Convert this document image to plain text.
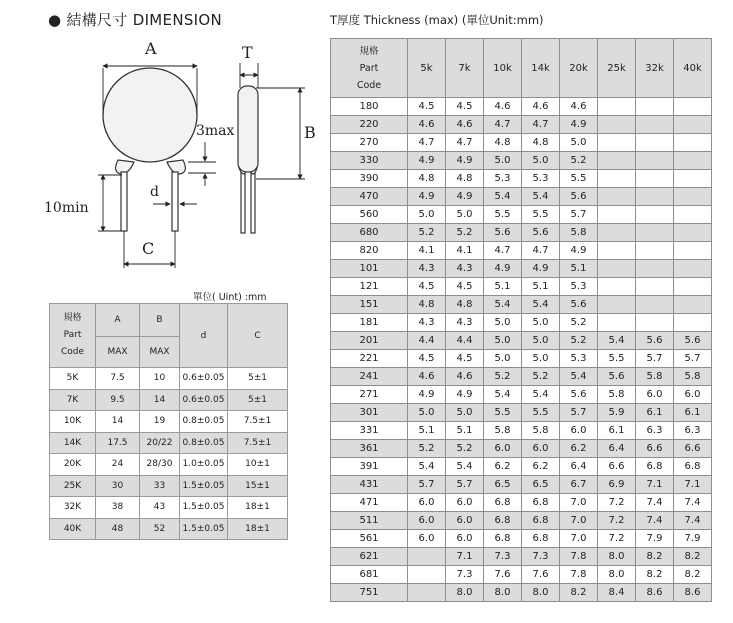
● 結構尺寸 DIMENSION	T厚度 Thickness (max) (單位Unit:mm)
A	T
B
3max
d
10min
C
單位( Uint) :mm
規格
Part
Code	A	B	d	C
	MAX	MAX		
5K	7.5	10	0.6±0.05	5±1
7K	9.5	14	0.6±0.05	5±1
10K	14	19	0.8±0.05	7.5±1
14K	17.5	20/22	0.8±0.05	7.5±1
20K	24	28/30	1.0±0.05	10±1
25K	30	33	1.5±0.05	15±1
32K	38	43	1.5±0.05	18±1
40K	48	52	1.5±0.05	18±1
規格
Part
Code	5k	7k	10k	14k	20k	25k	32k	40k
180	4.5	4.5	4.6	4.6	4.6			
220	4.6	4.6	4.7	4.7	4.9			
270	4.7	4.7	4.8	4.8	5.0			
330	4.9	4.9	5.0	5.0	5.2			
390	4.8	4.8	5.3	5.3	5.5			
470	4.9	4.9	5.4	5.4	5.6			
560	5.0	5.0	5.5	5.5	5.7			
680	5.2	5.2	5.6	5.6	5.8			
820	4.1	4.1	4.7	4.7	4.9			
101	4.3	4.3	4.9	4.9	5.1			
121	4.5	4.5	5.1	5.1	5.3			
151	4.8	4.8	5.4	5.4	5.6			
181	4.3	4.3	5.0	5.0	5.2			
201	4.4	4.4	5.0	5.0	5.2	5.4	5.6	5.6
221	4.5	4.5	5.0	5.0	5.3	5.5	5.7	5.7
241	4.6	4.6	5.2	5.2	5.4	5.6	5.8	5.8
271	4.9	4.9	5.4	5.4	5.6	5.8	6.0	6.0
301	5.0	5.0	5.5	5.5	5.7	5.9	6.1	6.1
331	5.1	5.1	5.8	5.8	6.0	6.1	6.3	6.3
361	5.2	5.2	6.0	6.0	6.2	6.4	6.6	6.6
391	5.4	5.4	6.2	6.2	6.4	6.6	6.8	6.8
431	5.7	5.7	6.5	6.5	6.7	6.9	7.1	7.1
471	6.0	6.0	6.8	6.8	7.0	7.2	7.4	7.4
511	6.0	6.0	6.8	6.8	7.0	7.2	7.4	7.4
561	6.0	6.0	6.8	6.8	7.0	7.2	7.9	7.9
621		7.1	7.3	7.3	7.8	8.0	8.2	8.2
681		7.3	7.6	7.6	7.8	8.0	8.2	8.2
751		8.0	8.0	8.0	8.2	8.4	8.6	8.6
